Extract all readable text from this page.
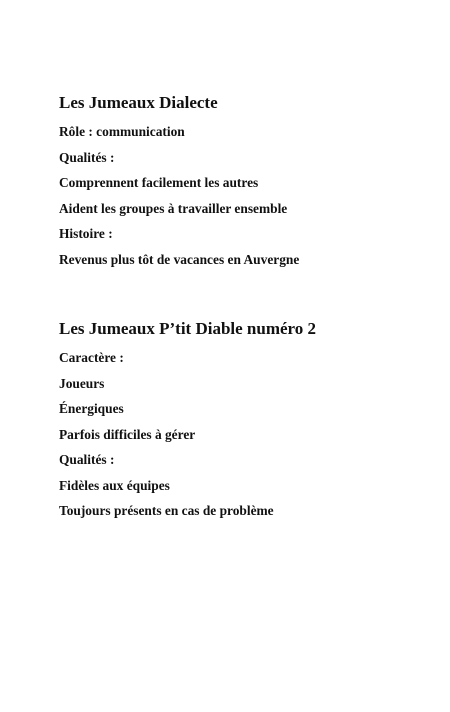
Les Jumeaux Dialecte

Rôle : communication

Qualités :

Comprennent facilement les autres

Aident les groupes à travailler ensemble

Histoire :

Revenus plus tôt de vacances en Auvergne

Les Jumeaux P’tit Diable numéro 2

Caractère :

Joueurs

Énergiques

Parfois difficiles à gérer

Qualités :

Fidèles aux équipes

Toujours présents en cas de problème
